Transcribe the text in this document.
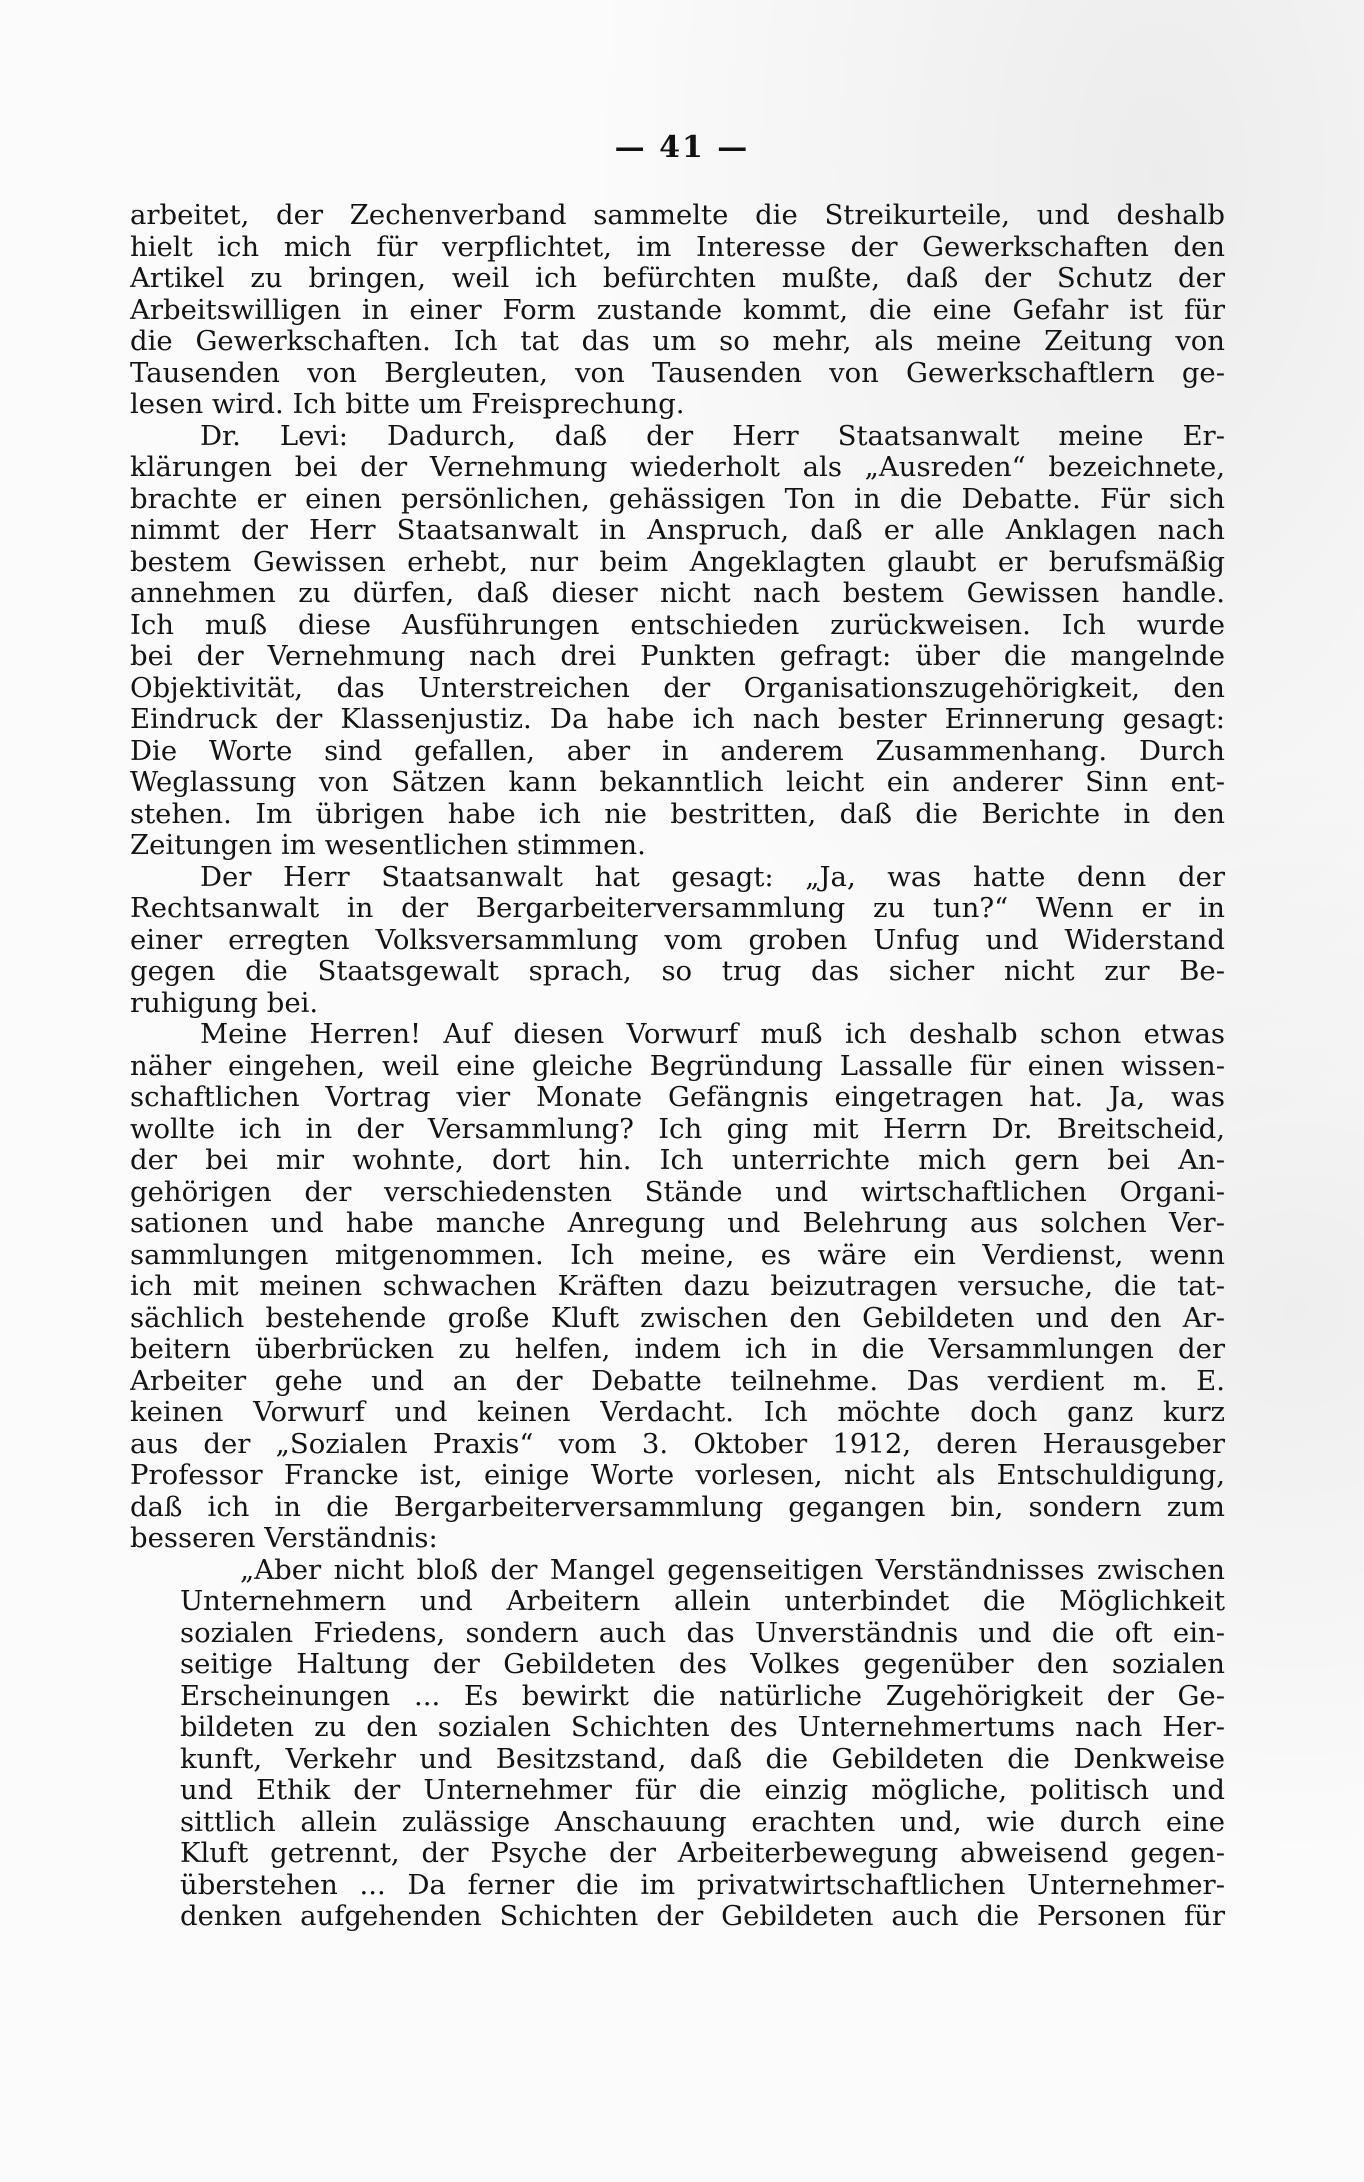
— 41 —
arbeitet, der Zechenverband sammelte die Streikurteile, und deshalb
hielt ich mich für verpflichtet, im Interesse der Gewerkschaften den
Artikel zu bringen, weil ich befürchten mußte, daß der Schutz der
Arbeitswilligen in einer Form zustande kommt, die eine Gefahr ist für
die Gewerkschaften. Ich tat das um so mehr, als meine Zeitung von
Tausenden von Bergleuten, von Tausenden von Gewerkschaftlern ge-
lesen wird. Ich bitte um Freisprechung.
Dr. Levi: Dadurch, daß der Herr Staatsanwalt meine Er-
klärungen bei der Vernehmung wiederholt als „Ausreden“ bezeichnete,
brachte er einen persönlichen, gehässigen Ton in die Debatte. Für sich
nimmt der Herr Staatsanwalt in Anspruch, daß er alle Anklagen nach
bestem Gewissen erhebt, nur beim Angeklagten glaubt er berufsmäßig
annehmen zu dürfen, daß dieser nicht nach bestem Gewissen handle.
Ich muß diese Ausführungen entschieden zurückweisen. Ich wurde
bei der Vernehmung nach drei Punkten gefragt: über die mangelnde
Objektivität, das Unterstreichen der Organisationszugehörigkeit, den
Eindruck der Klassenjustiz. Da habe ich nach bester Erinnerung gesagt:
Die Worte sind gefallen, aber in anderem Zusammenhang. Durch
Weglassung von Sätzen kann bekanntlich leicht ein anderer Sinn ent-
stehen. Im übrigen habe ich nie bestritten, daß die Berichte in den
Zeitungen im wesentlichen stimmen.
Der Herr Staatsanwalt hat gesagt: „Ja, was hatte denn der
Rechtsanwalt in der Bergarbeiterversammlung zu tun?“ Wenn er in
einer erregten Volksversammlung vom groben Unfug und Widerstand
gegen die Staatsgewalt sprach, so trug das sicher nicht zur Be-
ruhigung bei.
Meine Herren! Auf diesen Vorwurf muß ich deshalb schon etwas
näher eingehen, weil eine gleiche Begründung Lassalle für einen wissen-
schaftlichen Vortrag vier Monate Gefängnis eingetragen hat. Ja, was
wollte ich in der Versammlung? Ich ging mit Herrn Dr. Breitscheid,
der bei mir wohnte, dort hin. Ich unterrichte mich gern bei An-
gehörigen der verschiedensten Stände und wirtschaftlichen Organi-
sationen und habe manche Anregung und Belehrung aus solchen Ver-
sammlungen mitgenommen. Ich meine, es wäre ein Verdienst, wenn
ich mit meinen schwachen Kräften dazu beizutragen versuche, die tat-
sächlich bestehende große Kluft zwischen den Gebildeten und den Ar-
beitern überbrücken zu helfen, indem ich in die Versammlungen der
Arbeiter gehe und an der Debatte teilnehme. Das verdient m. E.
keinen Vorwurf und keinen Verdacht. Ich möchte doch ganz kurz
aus der „Sozialen Praxis“ vom 3. Oktober 1912, deren Herausgeber
Professor Francke ist, einige Worte vorlesen, nicht als Entschuldigung,
daß ich in die Bergarbeiterversammlung gegangen bin, sondern zum
besseren Verständnis:
„Aber nicht bloß der Mangel gegenseitigen Verständnisses zwischen
Unternehmern und Arbeitern allein unterbindet die Möglichkeit
sozialen Friedens, sondern auch das Unverständnis und die oft ein-
seitige Haltung der Gebildeten des Volkes gegenüber den sozialen
Erscheinungen ... Es bewirkt die natürliche Zugehörigkeit der Ge-
bildeten zu den sozialen Schichten des Unternehmertums nach Her-
kunft, Verkehr und Besitzstand, daß die Gebildeten die Denkweise
und Ethik der Unternehmer für die einzig mögliche, politisch und
sittlich allein zulässige Anschauung erachten und, wie durch eine
Kluft getrennt, der Psyche der Arbeiterbewegung abweisend gegen-
überstehen ... Da ferner die im privatwirtschaftlichen Unternehmer-
denken aufgehenden Schichten der Gebildeten auch die Personen für
